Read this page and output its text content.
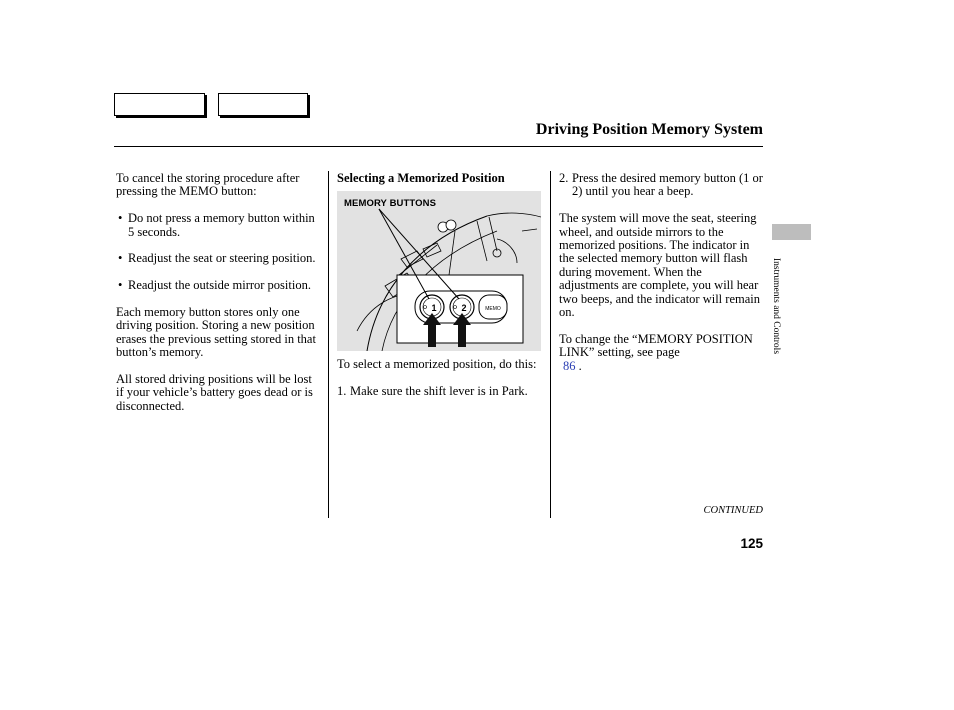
Driving Position Memory System

To cancel the storing procedure after pressing the MEMO button:

• Do not press a memory button within 5 seconds.

• Readjust the seat or steering position.

• Readjust the outside mirror position.

Each memory button stores only one driving position. Storing a new position erases the previous setting stored in that button’s memory.

All stored driving positions will be lost if your vehicle’s battery goes dead or is disconnected.

Selecting a Memorized Position

1	2	MEMO
MEMORY BUTTONS

To select a memorized position, do this:

1. Make sure the shift lever is in Park.

2. Press the desired memory button (1 or 2) until you hear a beep.

The system will move the seat, steering wheel, and outside mirrors to the memorized positions. The indicator in the selected memory button will flash during movement. When the adjustments are complete, you will hear two beeps, and the indicator will remain on.

To change the “MEMORY POSITION LINK” setting, see page
86 .

Instruments and Controls
CONTINUED
125
